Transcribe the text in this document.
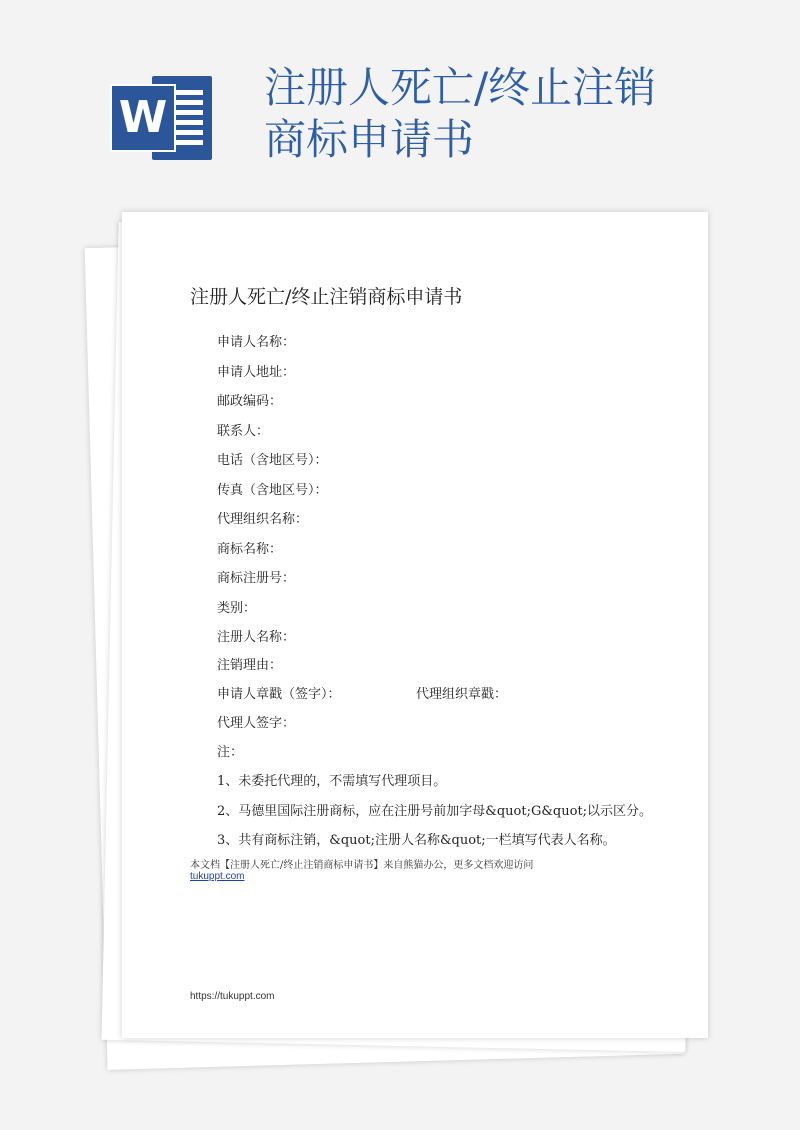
W
注册人死亡/终止注销
商标申请书
注册人死亡/终止注销商标申请书
申请人名称：
申请人地址：
邮政编码：
联系人：
电话（含地区号）：
传真（含地区号）：
代理组织名称：
商标名称：
商标注册号：
类别：
注册人名称：
注销理由：
申请人章戳（签字）：	代理组织章戳：
代理人签字：
注：
1、未委托代理的，不需填写代理项目。
2、马德里国际注册商标，应在注册号前加字母&quot;G&quot;以示区分。
3、共有商标注销，&quot;注册人名称&quot;一栏填写代表人名称。
本文档【注册人死亡/终止注销商标申请书】来自熊猫办公，更多文档欢迎访问
tukuppt.com
https://tukuppt.com
